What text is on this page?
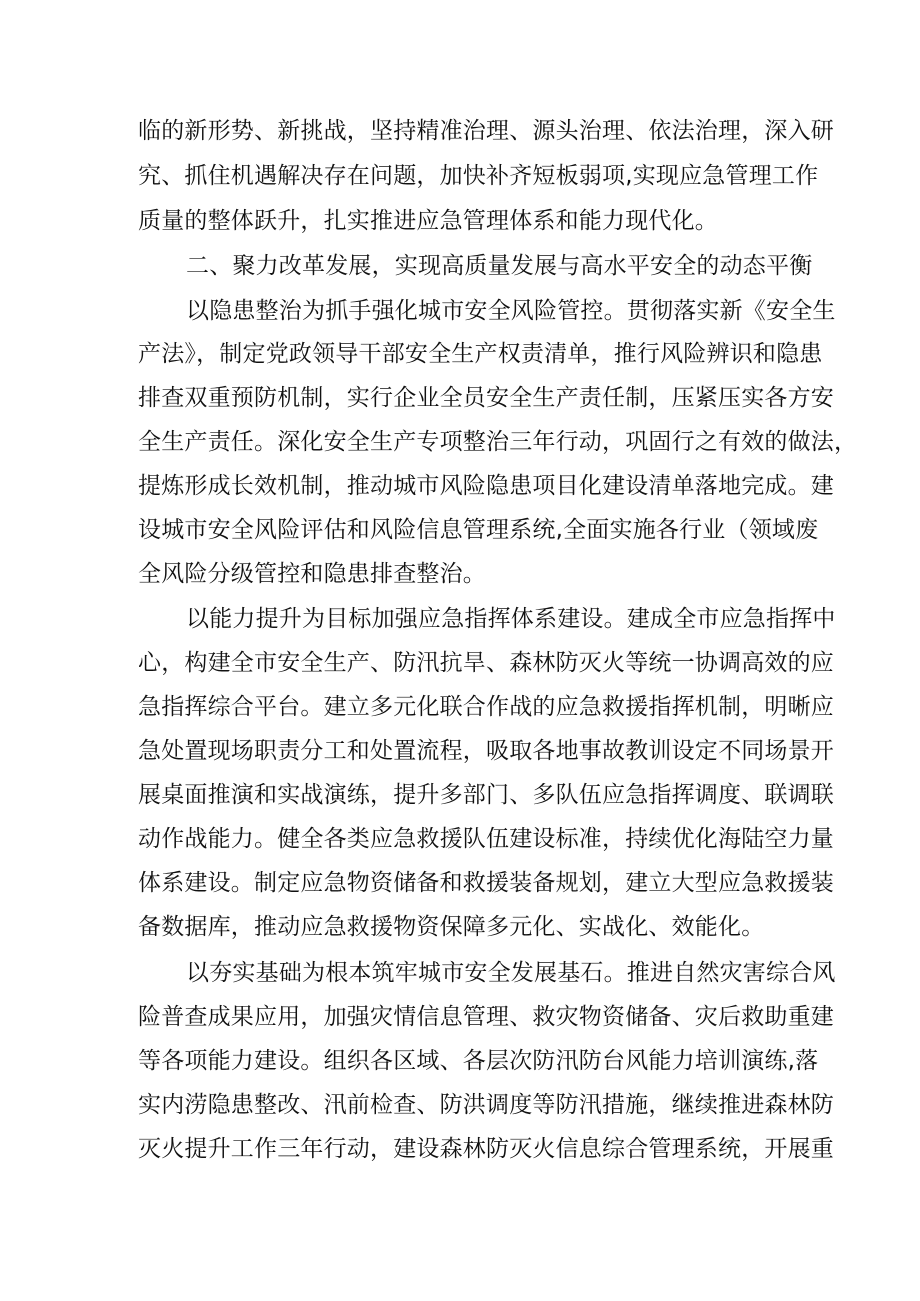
临的新形势、新挑战，坚持精准治理、源头治理、依法治理，深入研
究、抓住机遇解决存在问题，加快补齐短板弱项,实现应急管理工作
质量的整体跃升，扎实推进应急管理体系和能力现代化。
二、聚力改革发展，实现高质量发展与高水平安全的动态平衡
以隐患整治为抓手强化城市安全风险管控。贯彻落实新《安全生
产法》，制定党政领导干部安全生产权责清单，推行风险辨识和隐患
排查双重预防机制，实行企业全员安全生产责任制，压紧压实各方安
全生产责任。深化安全生产专项整治三年行动，巩固行之有效的做法，
提炼形成长效机制，推动城市风险隐患项目化建设清单落地完成。建
设城市安全风险评估和风险信息管理系统,全面实施各行业（领域废
全风险分级管控和隐患排查整治。
以能力提升为目标加强应急指挥体系建设。建成全市应急指挥中
心，构建全市安全生产、防汛抗旱、森林防灭火等统一协调高效的应
急指挥综合平台。建立多元化联合作战的应急救援指挥机制，明晰应
急处置现场职责分工和处置流程，吸取各地事故教训设定不同场景开
展桌面推演和实战演练，提升多部门、多队伍应急指挥调度、联调联
动作战能力。健全各类应急救援队伍建设标准，持续优化海陆空力量
体系建设。制定应急物资储备和救援装备规划，建立大型应急救援装
备数据库，推动应急救援物资保障多元化、实战化、效能化。
以夯实基础为根本筑牢城市安全发展基石。推进自然灾害综合风
险普查成果应用，加强灾情信息管理、救灾物资储备、灾后救助重建
等各项能力建设。组织各区域、各层次防汛防台风能力培训演练,落
实内涝隐患整改、汛前检查、防洪调度等防汛措施，继续推进森林防
灭火提升工作三年行动，建设森林防灭火信息综合管理系统，开展重
